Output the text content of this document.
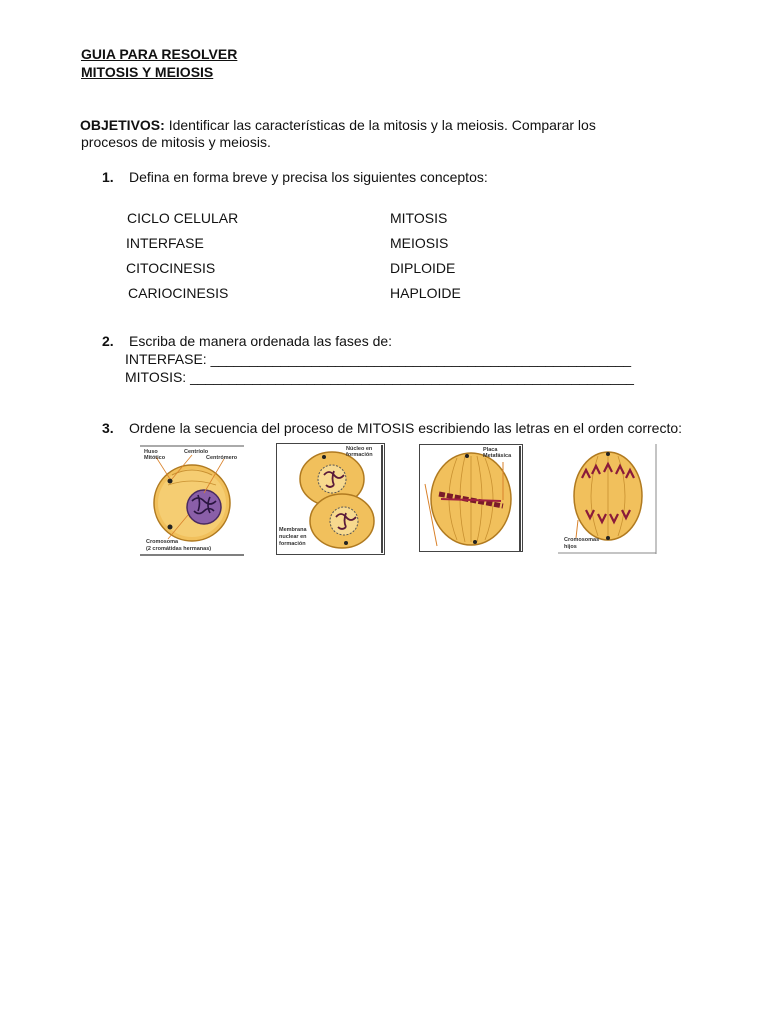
GUIA PARA RESOLVER
MITOSIS Y MEIOSIS
OBJETIVOS: Identificar las características de la mitosis y la meiosis. Comparar los
procesos de mitosis y meiosis.
1. Defina en forma breve y precisa los siguientes conceptos:
CICLO CELULAR
INTERFASE
CITOCINESIS
CARIOCINESIS
MITOSIS
MEIOSIS
DIPLOIDE
HAPLOIDE
2. Escriba de manera ordenada las fases de:
INTERFASE: ______________________________________________________
MITOSIS: _________________________________________________________
3. Ordene la secuencia del proceso de MITOSIS escribiendo las letras en el orden correcto:
Huso
Mitótico
Centríolo
Centrómero
Cromosoma
(2 cromátidas hermanas)
Núcleo en
formación
Membrana
nuclear en
formación
Placa
Metafásica
Cromosomas
hijos
